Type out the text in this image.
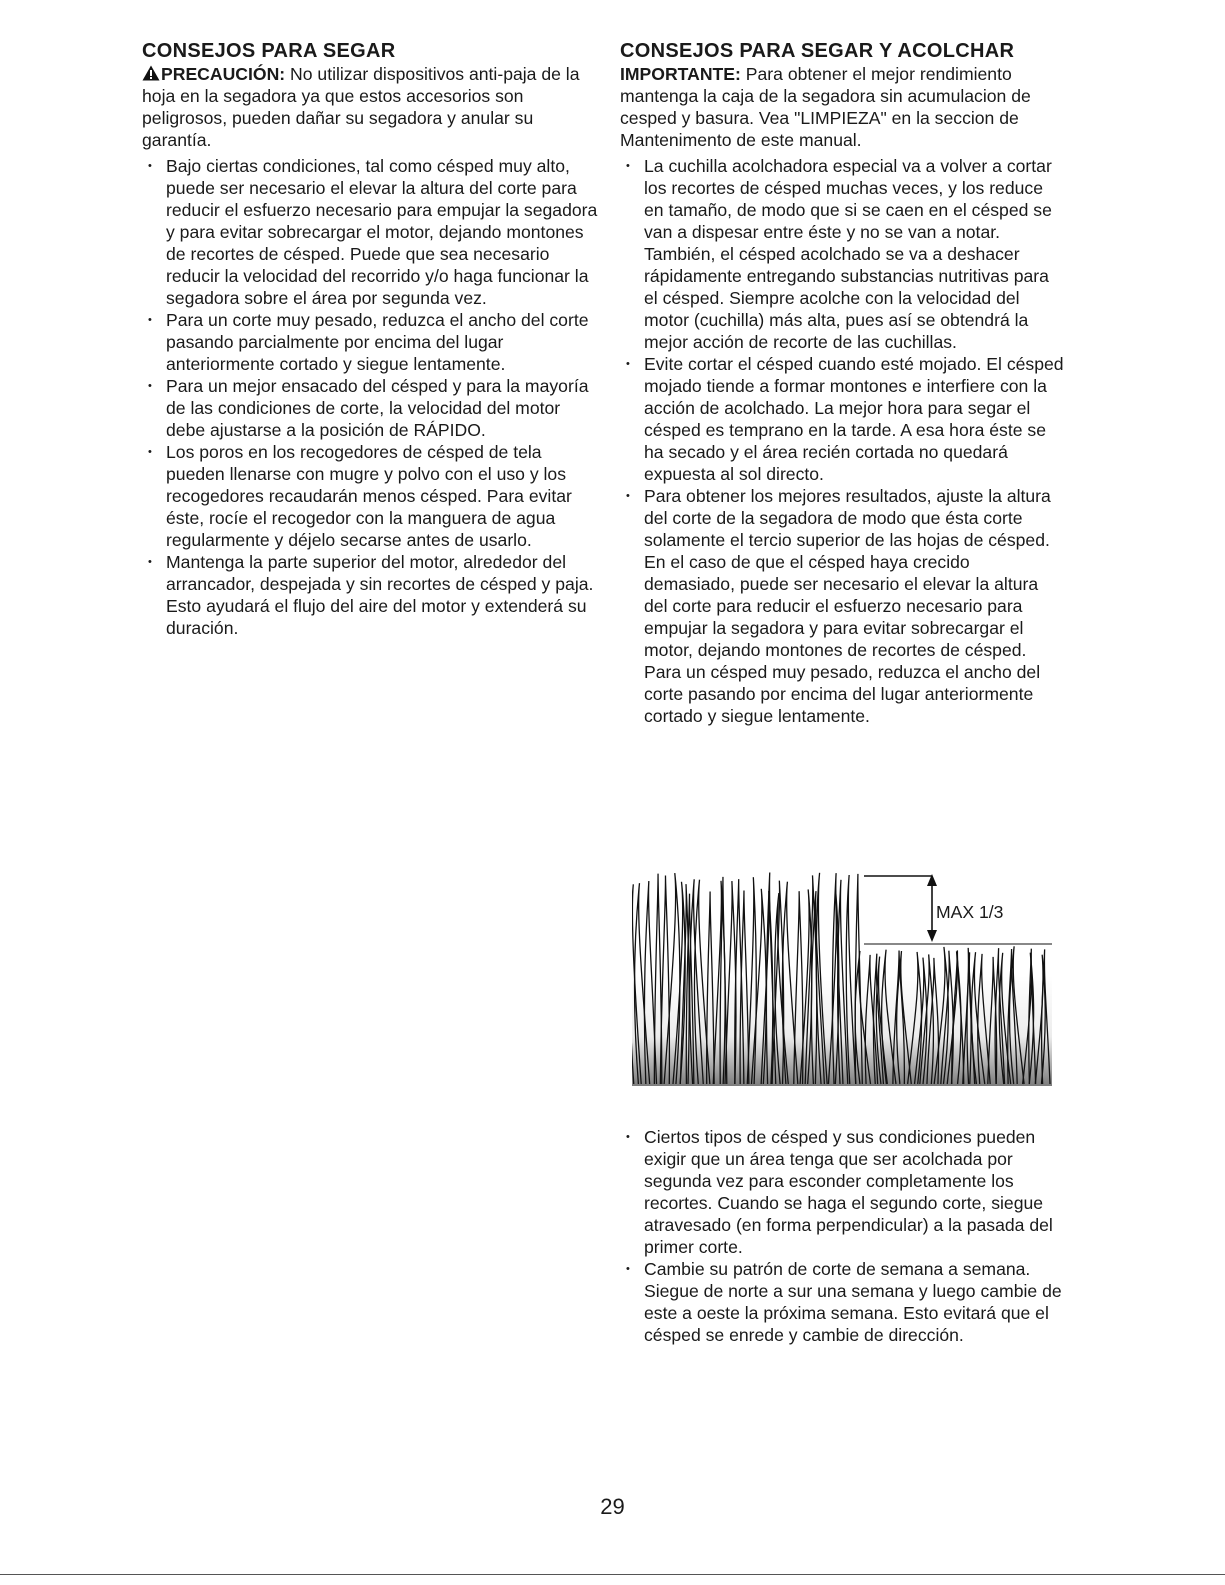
CONSEJOS PARA SEGAR

PRECAUCIÓN: No utilizar dispositivos anti-paja de la hoja en la segadora ya que estos accesorios son peligrosos, pueden dañar su segadora y anular su garantía.

• Bajo ciertas condiciones, tal como césped muy alto, puede ser necesario el elevar la altura del corte para reducir el esfuerzo necesario para empujar la segadora y para evitar sobrecargar el motor, dejando montones de recortes de césped. Puede que sea necesario reducir la velocidad del recorrido y/o haga funcionar la segadora sobre el área por segunda vez.
• Para un corte muy pesado, reduzca el ancho del corte pasando parcialmente por encima del lugar anteriormente cortado y siegue lentamente.
• Para un mejor ensacado del césped y para la mayoría de las condiciones de corte, la velocidad del motor debe ajustarse a la posición de RÁPIDO.
• Los poros en los recogedores de césped de tela pueden llenarse con mugre y polvo con el uso y los recogedores recaudarán menos césped. Para evitar éste, rocíe el recogedor con la manguera de agua regularmente y déjelo secarse antes de usarlo.
• Mantenga la parte superior del motor, alrededor del arrancador, despejada y sin recortes de césped y paja. Esto ayudará el flujo del aire del motor y extenderá su duración.
CONSEJOS PARA SEGAR Y ACOLCHAR

IMPORTANTE: Para obtener el mejor rendimiento mantenga la caja de la segadora sin acumulacion de cesped y basura. Vea "LIMPIEZA" en la seccion de Mantenimento de este manual.

• La cuchilla acolchadora especial va a volver a cortar los recortes de césped muchas veces, y los reduce en tamaño, de modo que si se caen en el césped se van a dispesar entre éste y no se van a notar. También, el césped acolchado se va a deshacer rápidamente entregando substancias nutritivas para el césped. Siempre acolche con la velocidad del motor (cuchilla) más alta, pues así se obtendrá la mejor acción de recorte de las cuchillas.
• Evite cortar el césped cuando esté mojado. El césped mojado tiende a formar montones e interfiere con la acción de acolchado. La mejor hora para segar el césped es temprano en la tarde. A esa hora éste se ha secado y el área recién cortada no quedará expuesta al sol directo.
• Para obtener los mejores resultados, ajuste la altura del corte de la segadora de modo que ésta corte solamente el tercio superior de las hojas de césped. En el caso de que el césped haya crecido demasiado, puede ser necesario el elevar la altura del corte para reducir el esfuerzo necesario para empujar la segadora y para evitar sobrecargar el motor, dejando montones de recortes de césped. Para un césped muy pesado, reduzca el ancho del corte pasando por encima del lugar anteriormente cortado y siegue lentamente.
MAX 1/3
• Ciertos tipos de césped y sus condiciones pueden exigir que un área tenga que ser acolchada por segunda vez para esconder completamente los recortes. Cuando se haga el segundo corte, siegue atravesado (en forma perpendicular) a la pasada del primer corte.
• Cambie su patrón de corte de semana a semana. Siegue de norte a sur una semana y luego cambie de este a oeste la próxima semana. Esto evitará que el césped se enrede y cambie de dirección.
29
